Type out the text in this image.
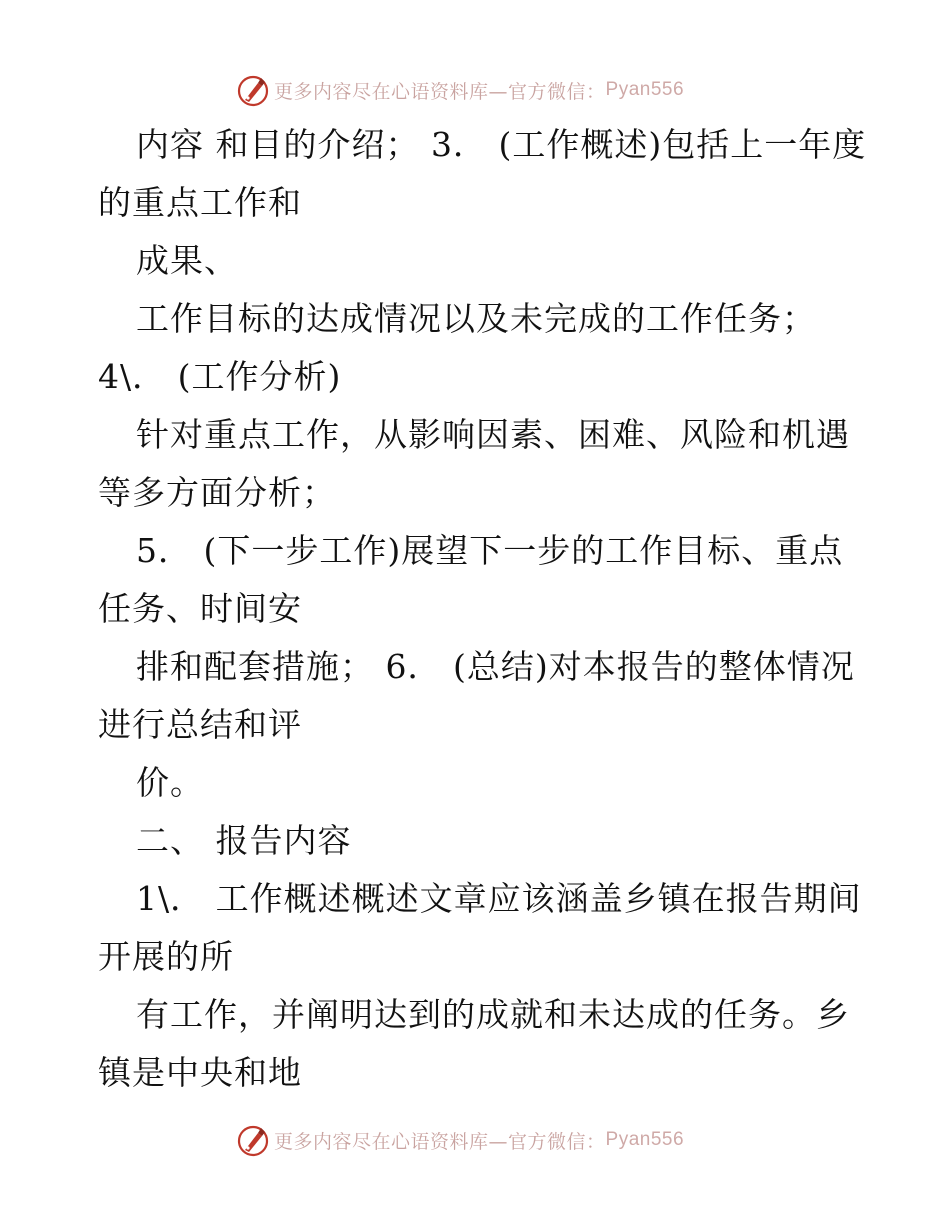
更多内容尽在心语资料库—官方微信： Pyan556
内容 和目的介绍； 3． (工作概述)包括上一年度
的重点工作和
成果、
工作目标的达成情况以及未完成的工作任务；
4\． (工作分析)
针对重点工作，从影响因素、困难、风险和机遇
等多方面分析；
5． (下一步工作)展望下一步的工作目标、重点
任务、时间安
排和配套措施； 6． (总结)对本报告的整体情况
进行总结和评
价。
二、 报告内容
1\． 工作概述概述文章应该涵盖乡镇在报告期间
开展的所
有工作，并阐明达到的成就和未达成的任务。乡
镇是中央和地
更多内容尽在心语资料库—官方微信： Pyan556
